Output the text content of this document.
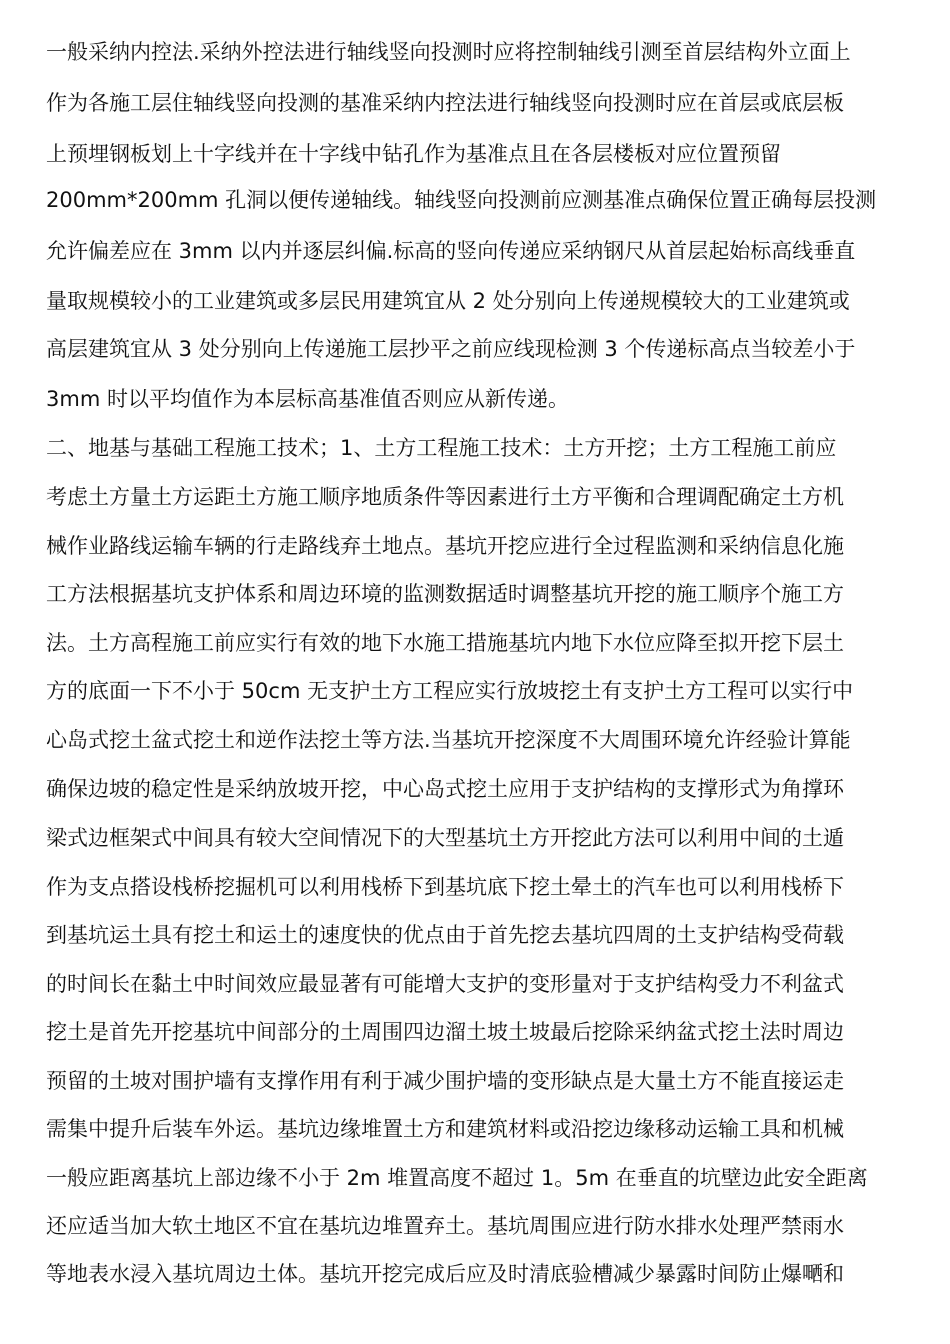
一般采纳内控法.采纳外控法进行轴线竖向投测时应将控制轴线引测至首层结构外立面上
作为各施工层住轴线竖向投测的基准采纳内控法进行轴线竖向投测时应在首层或底层板
上预埋钢板划上十字线并在十字线中钻孔作为基准点且在各层楼板对应位置预留
200mm*200mm 孔洞以便传递轴线。轴线竖向投测前应测基准点确保位置正确每层投测
允许偏差应在 3mm 以内并逐层纠偏.标高的竖向传递应采纳钢尺从首层起始标高线垂直
量取规模较小的工业建筑或多层民用建筑宜从 2 处分别向上传递规模较大的工业建筑或
高层建筑宜从 3 处分别向上传递施工层抄平之前应线现检测 3 个传递标高点当较差小于
3mm 时以平均值作为本层标高基准值否则应从新传递。
二、地基与基础工程施工技术；1、土方工程施工技术：土方开挖；土方工程施工前应
考虑土方量土方运距土方施工顺序地质条件等因素进行土方平衡和合理调配确定土方机
械作业路线运输车辆的行走路线弃土地点。基坑开挖应进行全过程监测和采纳信息化施
工方法根据基坑支护体系和周边环境的监测数据适时调整基坑开挖的施工顺序个施工方
法。土方高程施工前应实行有效的地下水施工措施基坑内地下水位应降至拟开挖下层土
方的底面一下不小于 50cm 无支护土方工程应实行放坡挖土有支护土方工程可以实行中
心岛式挖土盆式挖土和逆作法挖土等方法.当基坑开挖深度不大周围环境允许经验计算能
确保边坡的稳定性是采纳放坡开挖，中心岛式挖土应用于支护结构的支撑形式为角撑环
梁式边框架式中间具有较大空间情况下的大型基坑土方开挖此方法可以利用中间的土遁
作为支点搭设栈桥挖掘机可以利用栈桥下到基坑底下挖土晕土的汽车也可以利用栈桥下
到基坑运土具有挖土和运土的速度快的优点由于首先挖去基坑四周的土支护结构受荷载
的时间长在黏土中时间效应最显著有可能增大支护的变形量对于支护结构受力不利盆式
挖土是首先开挖基坑中间部分的土周围四边溜土坡土坡最后挖除采纳盆式挖土法时周边
预留的土坡对围护墙有支撑作用有利于减少围护墙的变形缺点是大量土方不能直接运走
需集中提升后装车外运。基坑边缘堆置土方和建筑材料或沿挖边缘移动运输工具和机械
一般应距离基坑上部边缘不小于 2m 堆置高度不超过 1。5m 在垂直的坑壁边此安全距离
还应适当加大软土地区不宜在基坑边堆置弃土。基坑周围应进行防水排水处理严禁雨水
等地表水浸入基坑周边土体。基坑开挖完成后应及时清底验槽减少暴露时间防止爆嗮和
